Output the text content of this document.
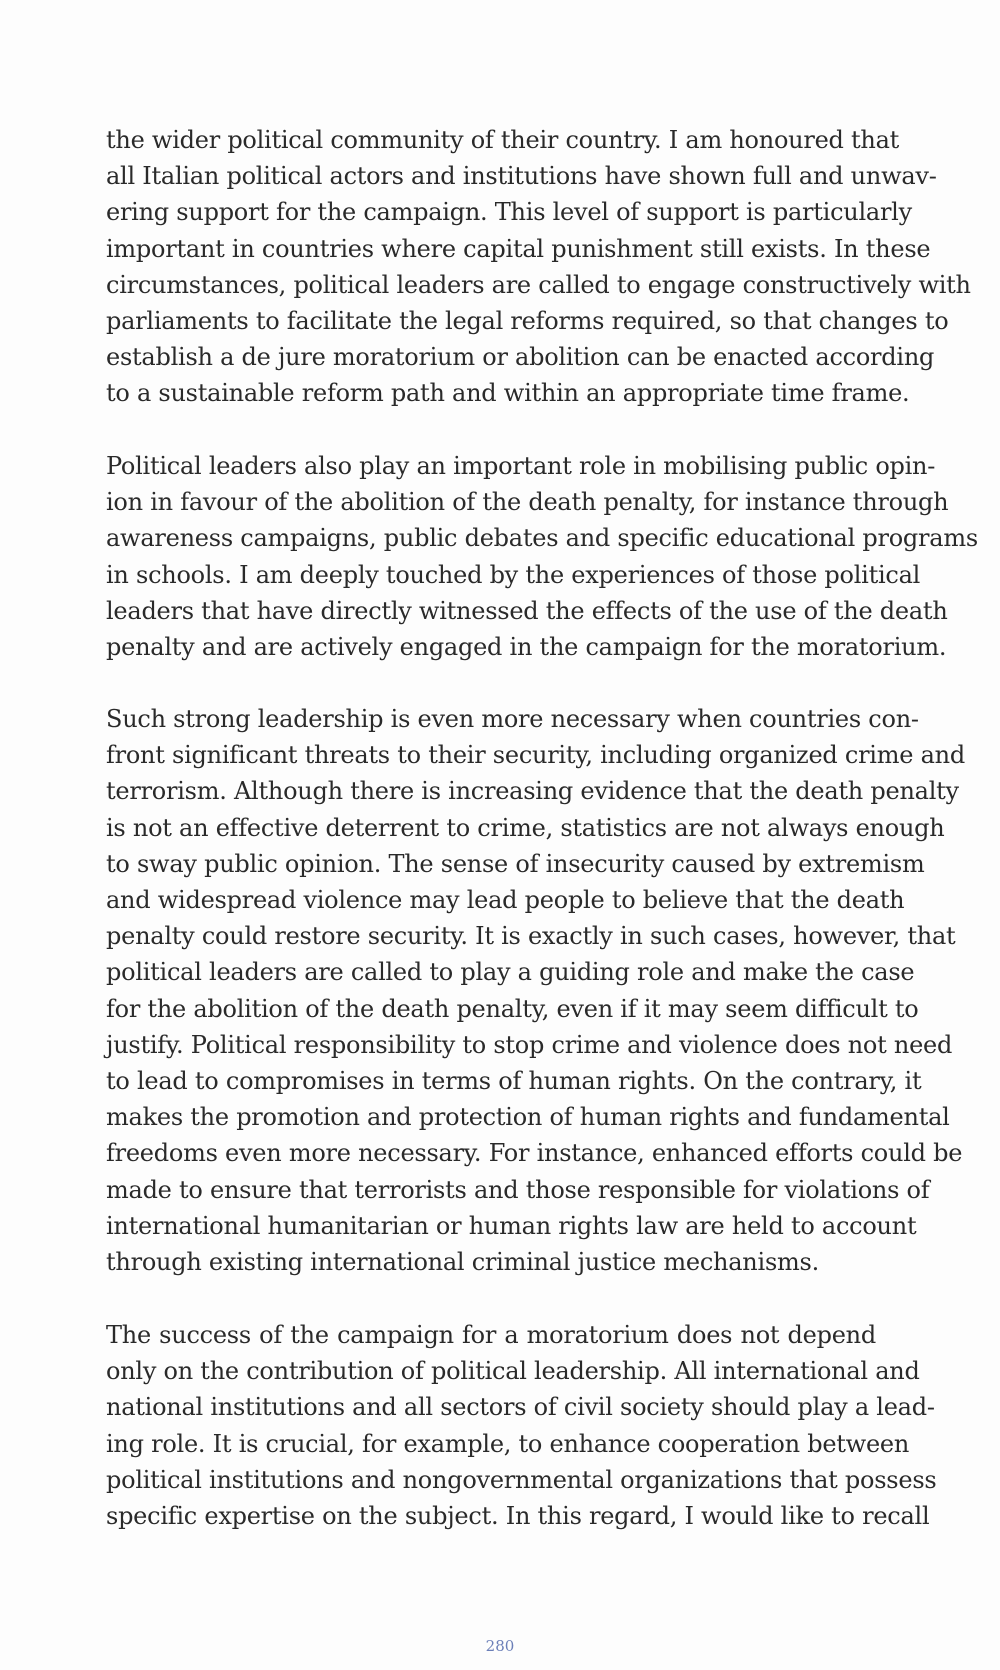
the wider political community of their country. I am honoured that
all Italian political actors and institutions have shown full and unwav-
ering support for the campaign. This level of support is particularly
important in countries where capital punishment still exists. In these
circumstances, political leaders are called to engage constructively with
parliaments to facilitate the legal reforms required, so that changes to
establish a de jure moratorium or abolition can be enacted according
to a sustainable reform path and within an appropriate time frame.

Political leaders also play an important role in mobilising public opin-
ion in favour of the abolition of the death penalty, for instance through
awareness campaigns, public debates and specific educational programs
in schools. I am deeply touched by the experiences of those political
leaders that have directly witnessed the effects of the use of the death
penalty and are actively engaged in the campaign for the moratorium.

Such strong leadership is even more necessary when countries con-
front significant threats to their security, including organized crime and
terrorism. Although there is increasing evidence that the death penalty
is not an effective deterrent to crime, statistics are not always enough
to sway public opinion. The sense of insecurity caused by extremism
and widespread violence may lead people to believe that the death
penalty could restore security. It is exactly in such cases, however, that
political leaders are called to play a guiding role and make the case
for the abolition of the death penalty, even if it may seem difficult to
justify. Political responsibility to stop crime and violence does not need
to lead to compromises in terms of human rights. On the contrary, it
makes the promotion and protection of human rights and fundamental
freedoms even more necessary. For instance, enhanced efforts could be
made to ensure that terrorists and those responsible for violations of
international humanitarian or human rights law are held to account
through existing international criminal justice mechanisms.

The success of the campaign for a moratorium does not depend
only on the contribution of political leadership. All international and
national institutions and all sectors of civil society should play a lead-
ing role. It is crucial, for example, to enhance cooperation between
political institutions and nongovernmental organizations that possess
specific expertise on the subject. In this regard, I would like to recall

280
